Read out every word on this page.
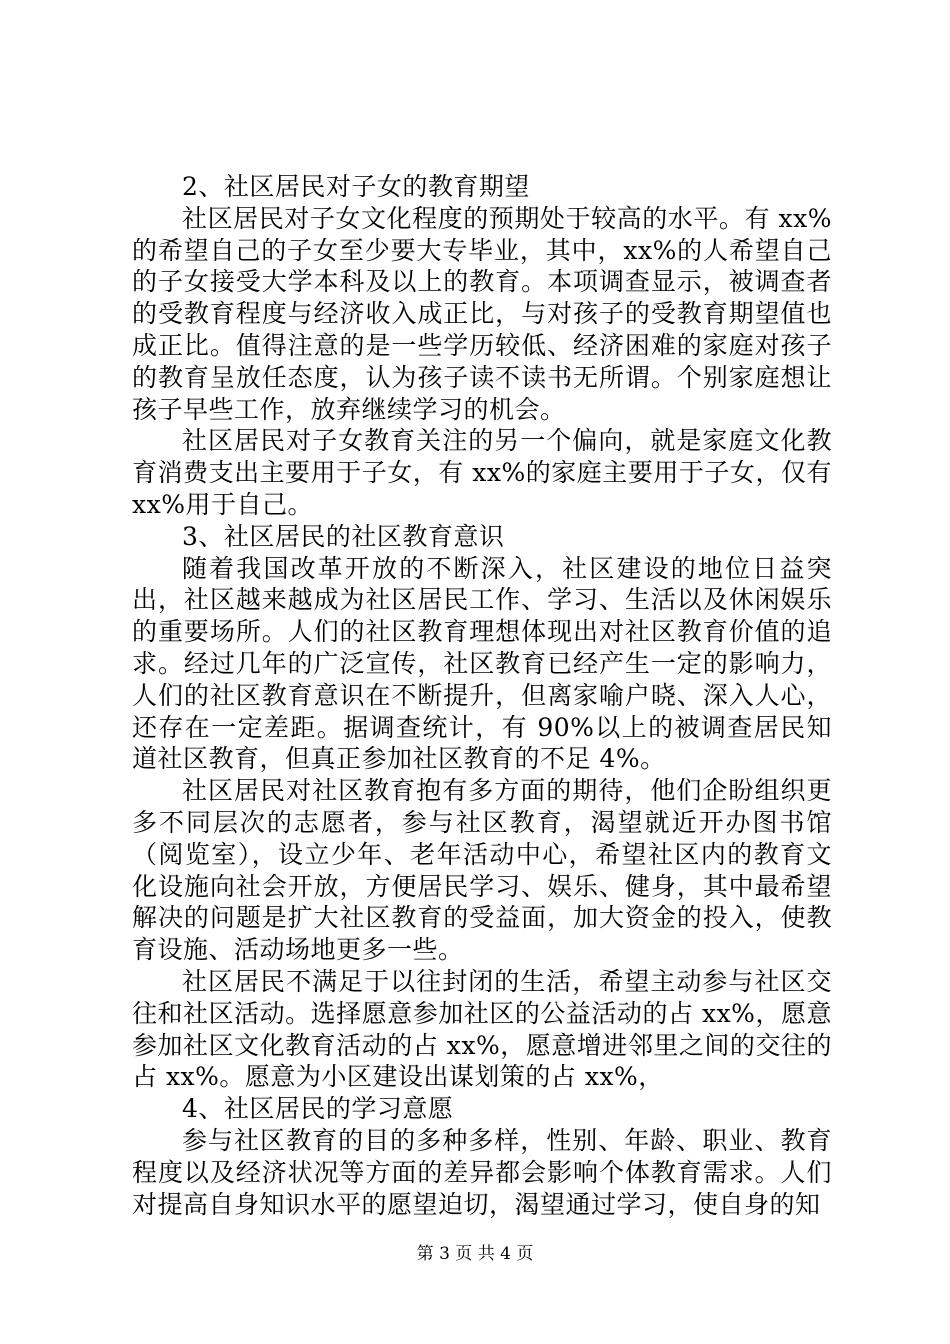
2、社区居民对子女的教育期望

社区居民对子女文化程度的预期处于较高的水平。有 xx%的希望自己的子女至少要大专毕业，其中，xx%的人希望自己的子女接受大学本科及以上的教育。本项调查显示，被调查者的受教育程度与经济收入成正比，与对孩子的受教育期望值也成正比。值得注意的是一些学历较低、经济困难的家庭对孩子的教育呈放任态度，认为孩子读不读书无所谓。个别家庭想让孩子早些工作，放弃继续学习的机会。

社区居民对子女教育关注的另一个偏向，就是家庭文化教育消费支出主要用于子女，有 xx%的家庭主要用于子女，仅有xx%用于自己。

3、社区居民的社区教育意识

随着我国改革开放的不断深入，社区建设的地位日益突出，社区越来越成为社区居民工作、学习、生活以及休闲娱乐的重要场所。人们的社区教育理想体现出对社区教育价值的追求。经过几年的广泛宣传，社区教育已经产生一定的影响力，人们的社区教育意识在不断提升，但离家喻户晓、深入人心，还存在一定差距。据调查统计，有 90%以上的被调查居民知道社区教育，但真正参加社区教育的不足 4%。

社区居民对社区教育抱有多方面的期待，他们企盼组织更多不同层次的志愿者，参与社区教育，渴望就近开办图书馆（阅览室），设立少年、老年活动中心，希望社区内的教育文化设施向社会开放，方便居民学习、娱乐、健身，其中最希望解决的问题是扩大社区教育的受益面，加大资金的投入，使教育设施、活动场地更多一些。

社区居民不满足于以往封闭的生活，希望主动参与社区交往和社区活动。选择愿意参加社区的公益活动的占 xx%，愿意参加社区文化教育活动的占 xx%，愿意增进邻里之间的交往的占 xx%。愿意为小区建设出谋划策的占 xx%，

4、社区居民的学习意愿

参与社区教育的目的多种多样，性别、年龄、职业、教育程度以及经济状况等方面的差异都会影响个体教育需求。人们对提高自身知识水平的愿望迫切，渴望通过学习，使自身的知

第 3 页 共 4 页
